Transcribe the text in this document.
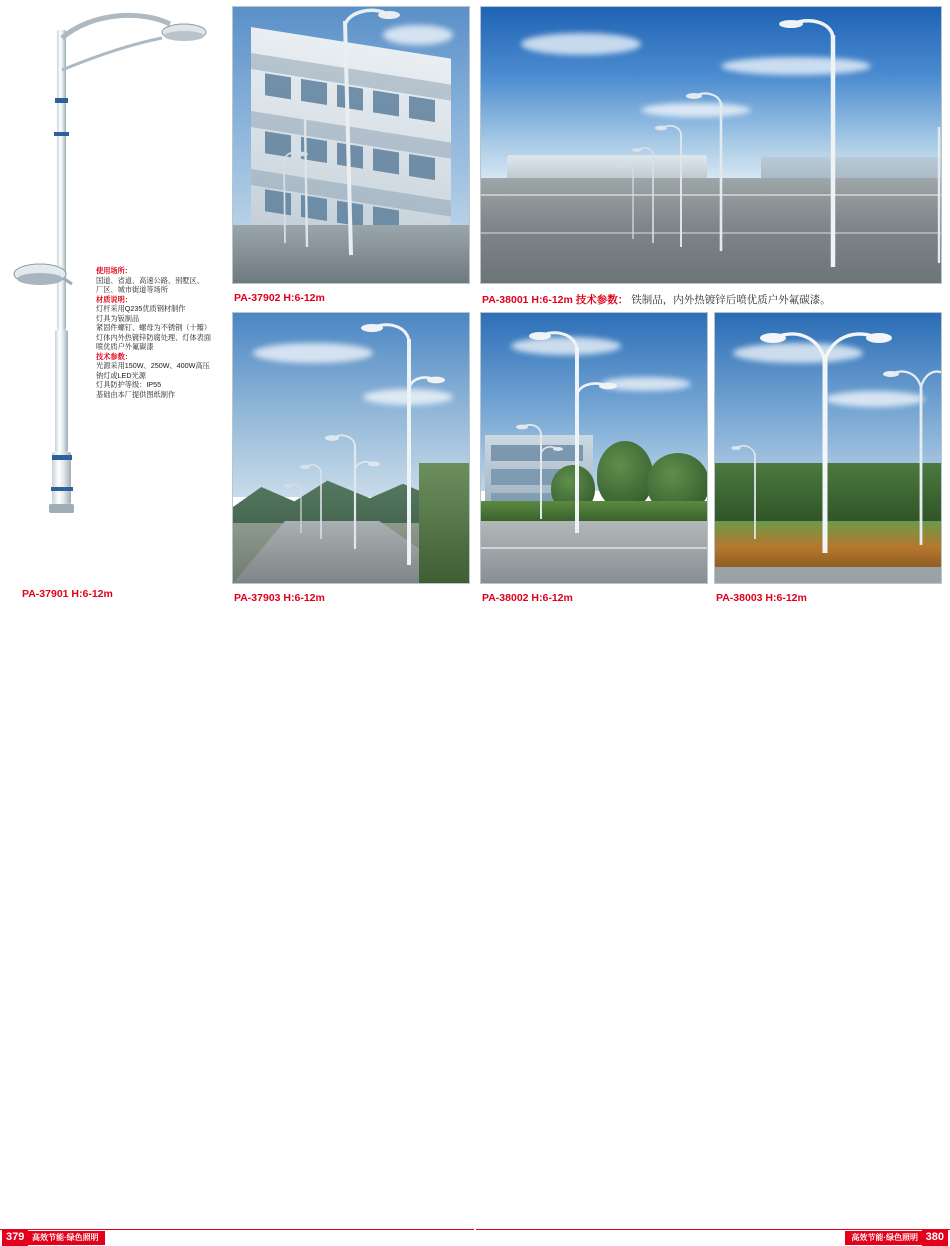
使用场所：
国道、省道、高速公路、别墅区、
厂区、城市街道等场所
材质说明：
灯杆采用Q235优质钢材制作
灯具为钣制品
紧固件螺钉、螺母为不锈钢（十瓣）
灯体内外热镀锌防腐处理、灯体表面
喷优质户外氟碳漆
技术参数：
光源采用150W、250W、400W高压
钠灯或LED光源
灯具防护等级：IP55
基础由本厂提供图纸制作
PA-37901 H:6-12m
PA-37902 H:6-12m	PA-38001 H:6-12m 技术参数： 铁制品，内外热镀锌后喷优质户外氟碳漆。
PA-37903 H:6-12m	PA-38002 H:6-12m	PA-38003 H:6-12m
379 高效节能·绿色照明	高效节能·绿色照明 380
